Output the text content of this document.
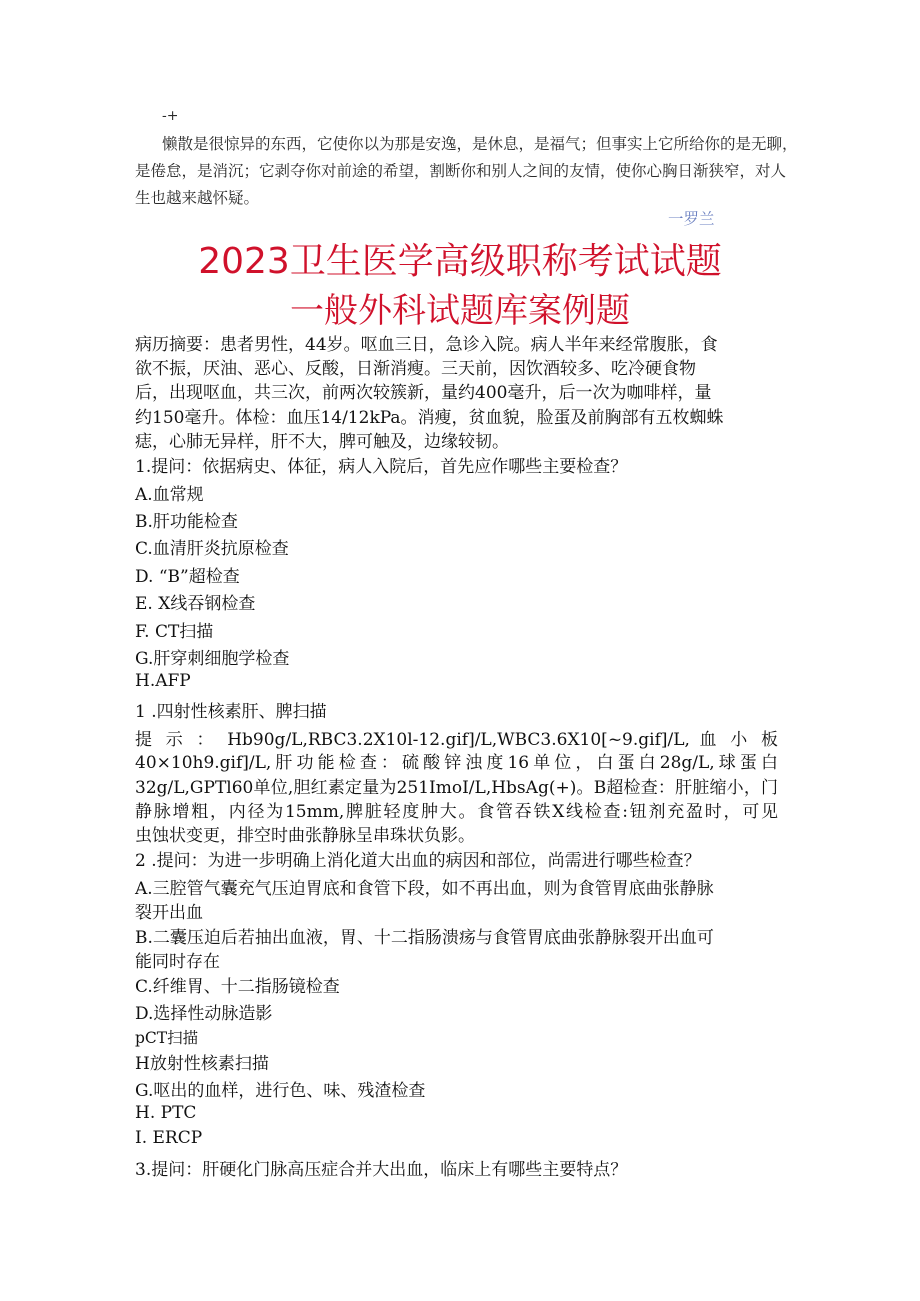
-+

懒散是很惊异的东西，它使你以为那是安逸，是休息，是福气；但事实上它所给你的是无聊，

是倦怠，是消沉；它剥夺你对前途的希望，割断你和别人之间的友情，使你心胸日渐狭窄，对人

生也越来越怀疑。

一罗兰

2023卫生医学高级职称考试试题
一般外科试题库案例题

病历摘要：患者男性，44岁。呕血三日，急诊入院。病人半年来经常腹胀，食

欲不振，厌油、恶心、反酸，日渐消瘦。三天前，因饮酒较多、吃冷硬食物

后，出现呕血，共三次，前两次较簇新，量约400毫升，后一次为咖啡样，量

约150毫升。体检：血压14/12kPa。消瘦，贫血貌，脸蛋及前胸部有五枚蜘蛛

痣，心肺无异样，肝不大，脾可触及，边缘较韧。

1.提问：依据病史、体征，病人入院后，首先应作哪些主要检查？

A.血常规

B.肝功能检查

C.血清肝炎抗原检查

D. “B”超检查

E. X线吞钢检查

F. CT扫描

G.肝穿刺细胞学检查

H.AFP

1 .四射性核素肝、脾扫描

提 示 ： Hb90g/L,RBC3.2X10l-12.gif]/L,WBC3.6X10[~9.gif]/L, 血 小 板

40×10h9.gif]/L,肝功能检查：硫酸锌浊度16单位，白蛋白28g/L,球蛋白

32g/L,GPTl60单位,胆红素定量为251ImoI/L,HbsAg(+)。B超检查：肝脏缩小，门

静脉增粗，内径为15mm,脾脏轻度肿大。食管吞铁X线检查:钮剂充盈时，可见

虫蚀状变更，排空时曲张静脉呈串珠状负影。

2 .提问：为进一步明确上消化道大出血的病因和部位，尚需进行哪些检查？

A.三腔管气囊充气压迫胃底和食管下段，如不再出血，则为食管胃底曲张静脉

裂开出血

B.二囊压迫后若抽出血液，胃、十二指肠溃疡与食管胃底曲张静脉裂开出血可

能同时存在

C.纤维胃、十二指肠镜检查

D.选择性动脉造影

pCT扫描

H放射性核素扫描

G.呕出的血样，进行色、味、残渣检查

H. PTC

I. ERCP

3.提问：肝硬化门脉高压症合并大出血，临床上有哪些主要特点？
